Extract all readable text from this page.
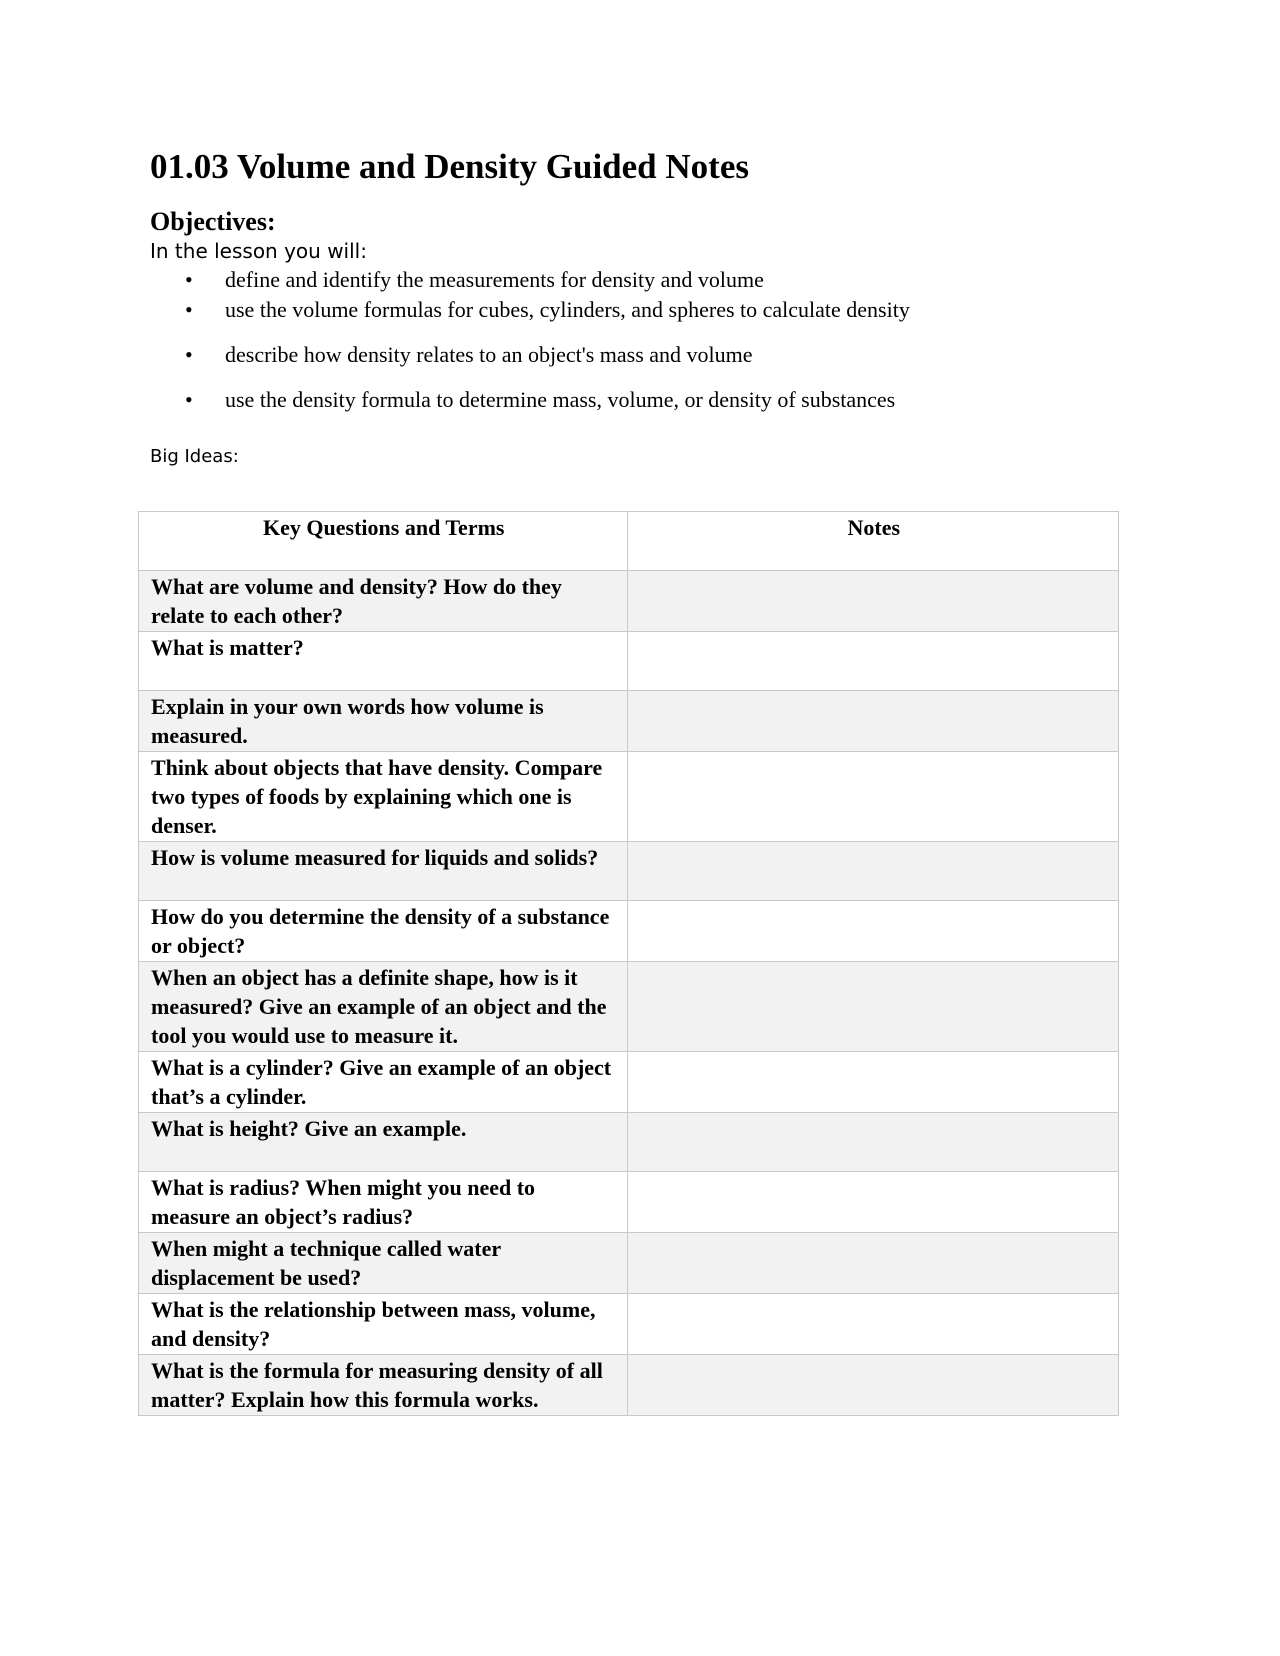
01.03 Volume and Density Guided Notes
Objectives:

In the lesson you will:

• define and identify the measurements for density and volume
• use the volume formulas for cubes, cylinders, and spheres to calculate density
• describe how density relates to an object's mass and volume
• use the density formula to determine mass, volume, or density of substances

Big Ideas:

Key Questions and Terms	Notes
What are volume and density? How do they relate to each other?	
What is matter?	
Explain in your own words how volume is measured.	
Think about objects that have density. Compare two types of foods by explaining which one is denser.	
How is volume measured for liquids and solids?	
How do you determine the density of a substance or object?	
When an object has a definite shape, how is it measured? Give an example of an object and the tool you would use to measure it.	
What is a cylinder? Give an example of an object that’s a cylinder.	
What is height? Give an example.	
What is radius? When might you need to measure an object’s radius?	
When might a technique called water displacement be used?	
What is the relationship between mass, volume, and density?	
What is the formula for measuring density of all matter? Explain how this formula works.	
